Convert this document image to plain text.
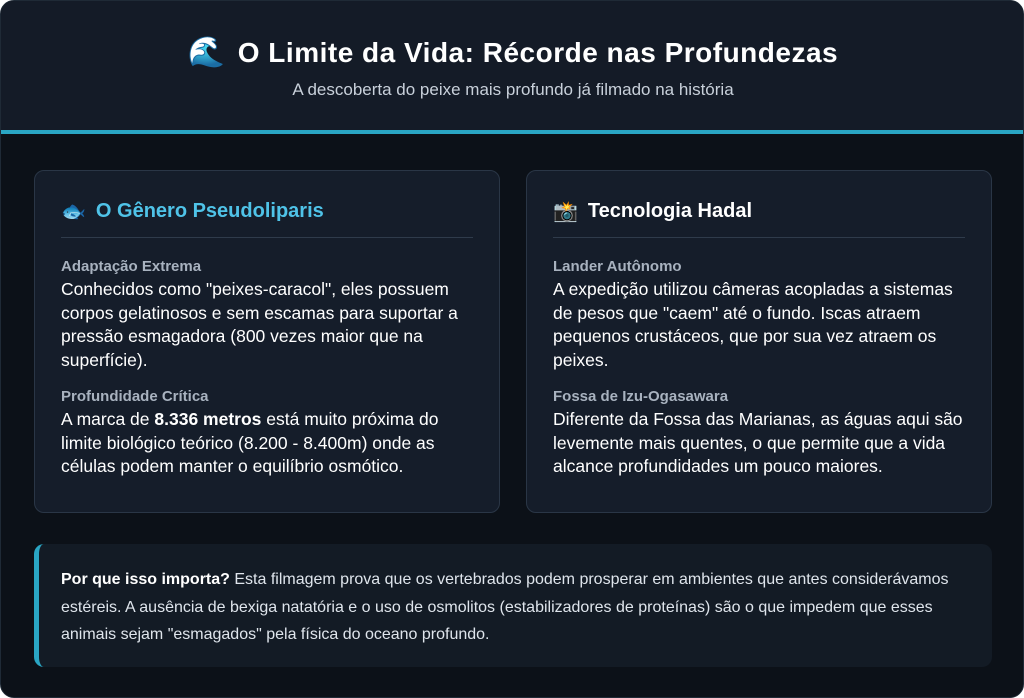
🌊 O Limite da Vida: Récorde nas Profundezas
A descoberta do peixe mais profundo já filmado na história
🐟 O Gênero Pseudoliparis
Adaptação Extrema
Conhecidos como "peixes-caracol", eles possuem corpos gelatinosos e sem escamas para suportar a pressão esmagadora (800 vezes maior que na superfície).
Profundidade Crítica
A marca de 8.336 metros está muito próxima do limite biológico teórico (8.200 - 8.400m) onde as células podem manter o equilíbrio osmótico.
📸 Tecnologia Hadal
Lander Autônomo
A expedição utilizou câmeras acopladas a sistemas de pesos que "caem" até o fundo. Iscas atraem pequenos crustáceos, que por sua vez atraem os peixes.
Fossa de Izu-Ogasawara
Diferente da Fossa das Marianas, as águas aqui são levemente mais quentes, o que permite que a vida alcance profundidades um pouco maiores.
Por que isso importa? Esta filmagem prova que os vertebrados podem prosperar em ambientes que antes considerávamos estéreis. A ausência de bexiga natatória e o uso de osmolitos (estabilizadores de proteínas) são o que impedem que esses animais sejam "esmagados" pela física do oceano profundo.
